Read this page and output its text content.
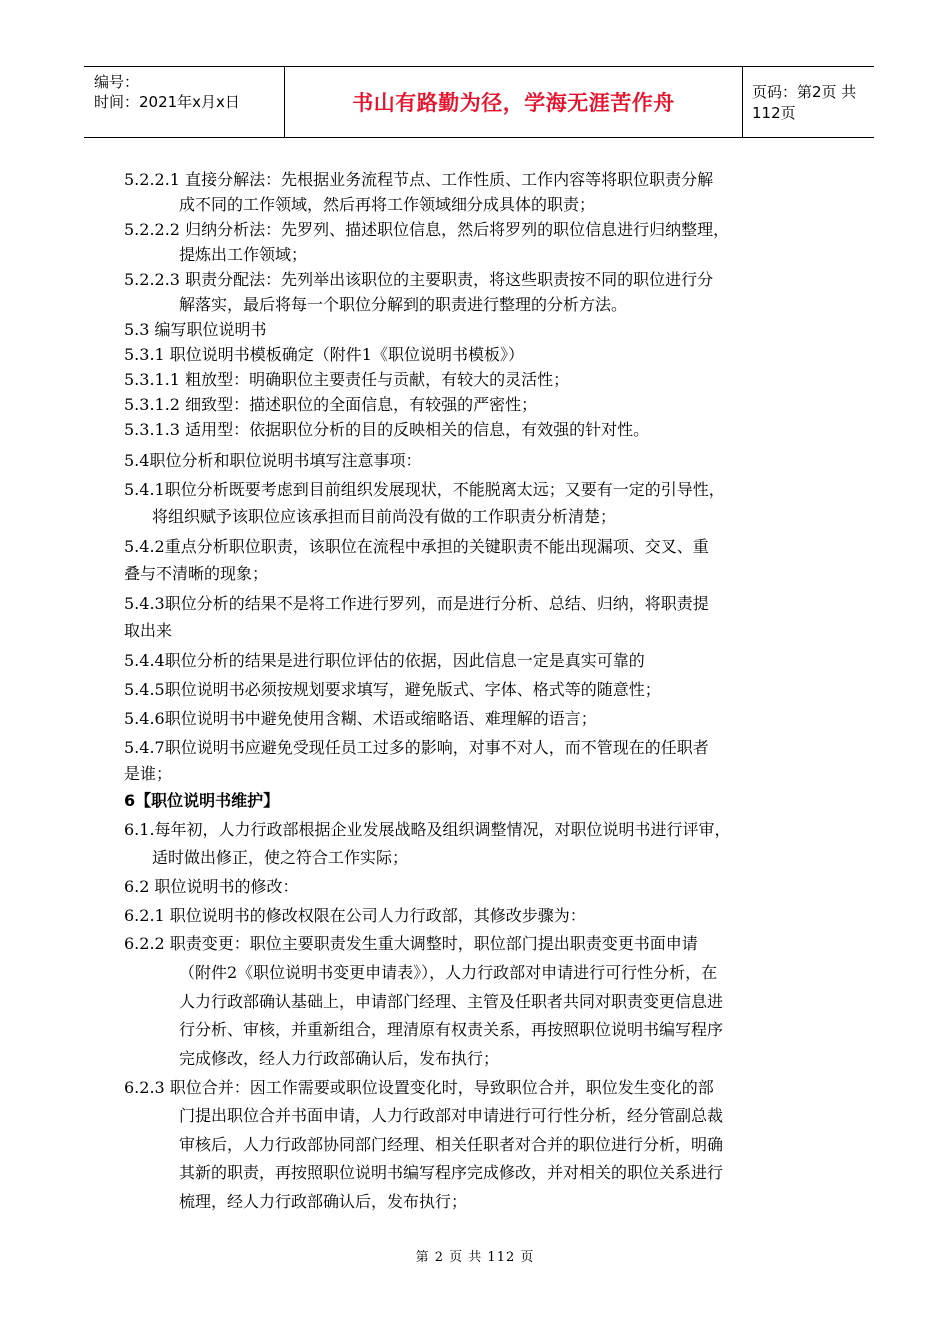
编号：
时间：2021年x月x日	书山有路勤为径，学海无涯苦作舟	页码：第2页 共112页
5.2.2.1 直接分解法：先根据业务流程节点、工作性质、工作内容等将职位职责分解
成不同的工作领域，然后再将工作领域细分成具体的职责；
5.2.2.2 归纳分析法：先罗列、描述职位信息，然后将罗列的职位信息进行归纳整理，
提炼出工作领域；
5.2.2.3 职责分配法：先列举出该职位的主要职责，将这些职责按不同的职位进行分
解落实，最后将每一个职位分解到的职责进行整理的分析方法。
5.3 编写职位说明书
5.3.1 职位说明书模板确定（附件1《职位说明书模板》）
5.3.1.1 粗放型：明确职位主要责任与贡献，有较大的灵活性；
5.3.1.2 细致型：描述职位的全面信息，有较强的严密性；
5.3.1.3 适用型：依据职位分析的目的反映相关的信息，有效强的针对性。
5.4职位分析和职位说明书填写注意事项：
5.4.1职位分析既要考虑到目前组织发展现状，不能脱离太远；又要有一定的引导性，
将组织赋予该职位应该承担而目前尚没有做的工作职责分析清楚；
5.4.2重点分析职位职责，该职位在流程中承担的关键职责不能出现漏项、交叉、重
叠与不清晰的现象；
5.4.3职位分析的结果不是将工作进行罗列，而是进行分析、总结、归纳，将职责提
取出来
5.4.4职位分析的结果是进行职位评估的依据，因此信息一定是真实可靠的
5.4.5职位说明书必须按规划要求填写，避免版式、字体、格式等的随意性；
5.4.6职位说明书中避免使用含糊、术语或缩略语、难理解的语言；
5.4.7职位说明书应避免受现任员工过多的影响，对事不对人，而不管现在的任职者
是谁；
6【职位说明书维护】
6.1.每年初，人力行政部根据企业发展战略及组织调整情况，对职位说明书进行评审，
适时做出修正，使之符合工作实际；
6.2 职位说明书的修改：
6.2.1 职位说明书的修改权限在公司人力行政部，其修改步骤为：
6.2.2 职责变更：职位主要职责发生重大调整时，职位部门提出职责变更书面申请
（附件2《职位说明书变更申请表》），人力行政部对申请进行可行性分析，在
人力行政部确认基础上，申请部门经理、主管及任职者共同对职责变更信息进
行分析、审核，并重新组合，理清原有权责关系，再按照职位说明书编写程序
完成修改，经人力行政部确认后，发布执行；
6.2.3 职位合并：因工作需要或职位设置变化时，导致职位合并，职位发生变化的部
门提出职位合并书面申请，人力行政部对申请进行可行性分析，经分管副总裁
审核后，人力行政部协同部门经理、相关任职者对合并的职位进行分析，明确
其新的职责，再按照职位说明书编写程序完成修改，并对相关的职位关系进行
梳理，经人力行政部确认后，发布执行；
第 2 页 共 112 页
